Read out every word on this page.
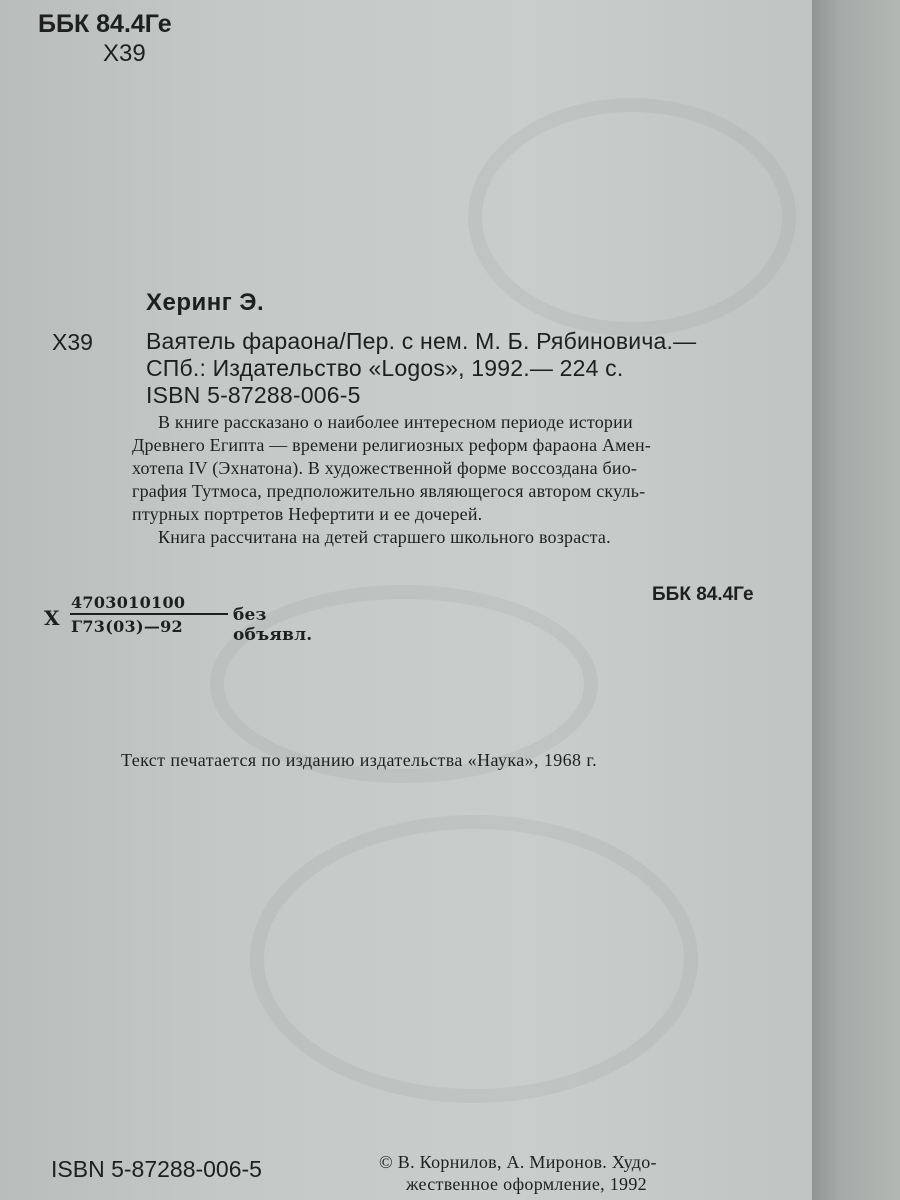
ББК 84.4Ге
Х39
Херинг Э.
Х39 Ваятель фараона/Пер. с нем. М. Б. Рябиновича.—
СПб.: Издательство «Logos», 1992.— 224 с.
ISBN 5-87288-006-5
В книге рассказано о наиболее интересном периоде истории
Древнего Египта — времени религиозных реформ фараона Амен-
хотепа IV (Эхнатона). В художественной форме воссоздана био-
графия Тутмоса, предположительно являющегося автором скуль-
птурных портретов Нефертити и ее дочерей.
Книга рассчитана на детей старшего школьного возраста.
Х
4703010100
Г73(03)—92
без объявл.
ББК 84.4Ге
Текст печатается по изданию издательства «Наука», 1968 г.
ISBN 5-87288-006-5	© В. Корнилов, А. Миронов. Худо-
жественное оформление, 1992
